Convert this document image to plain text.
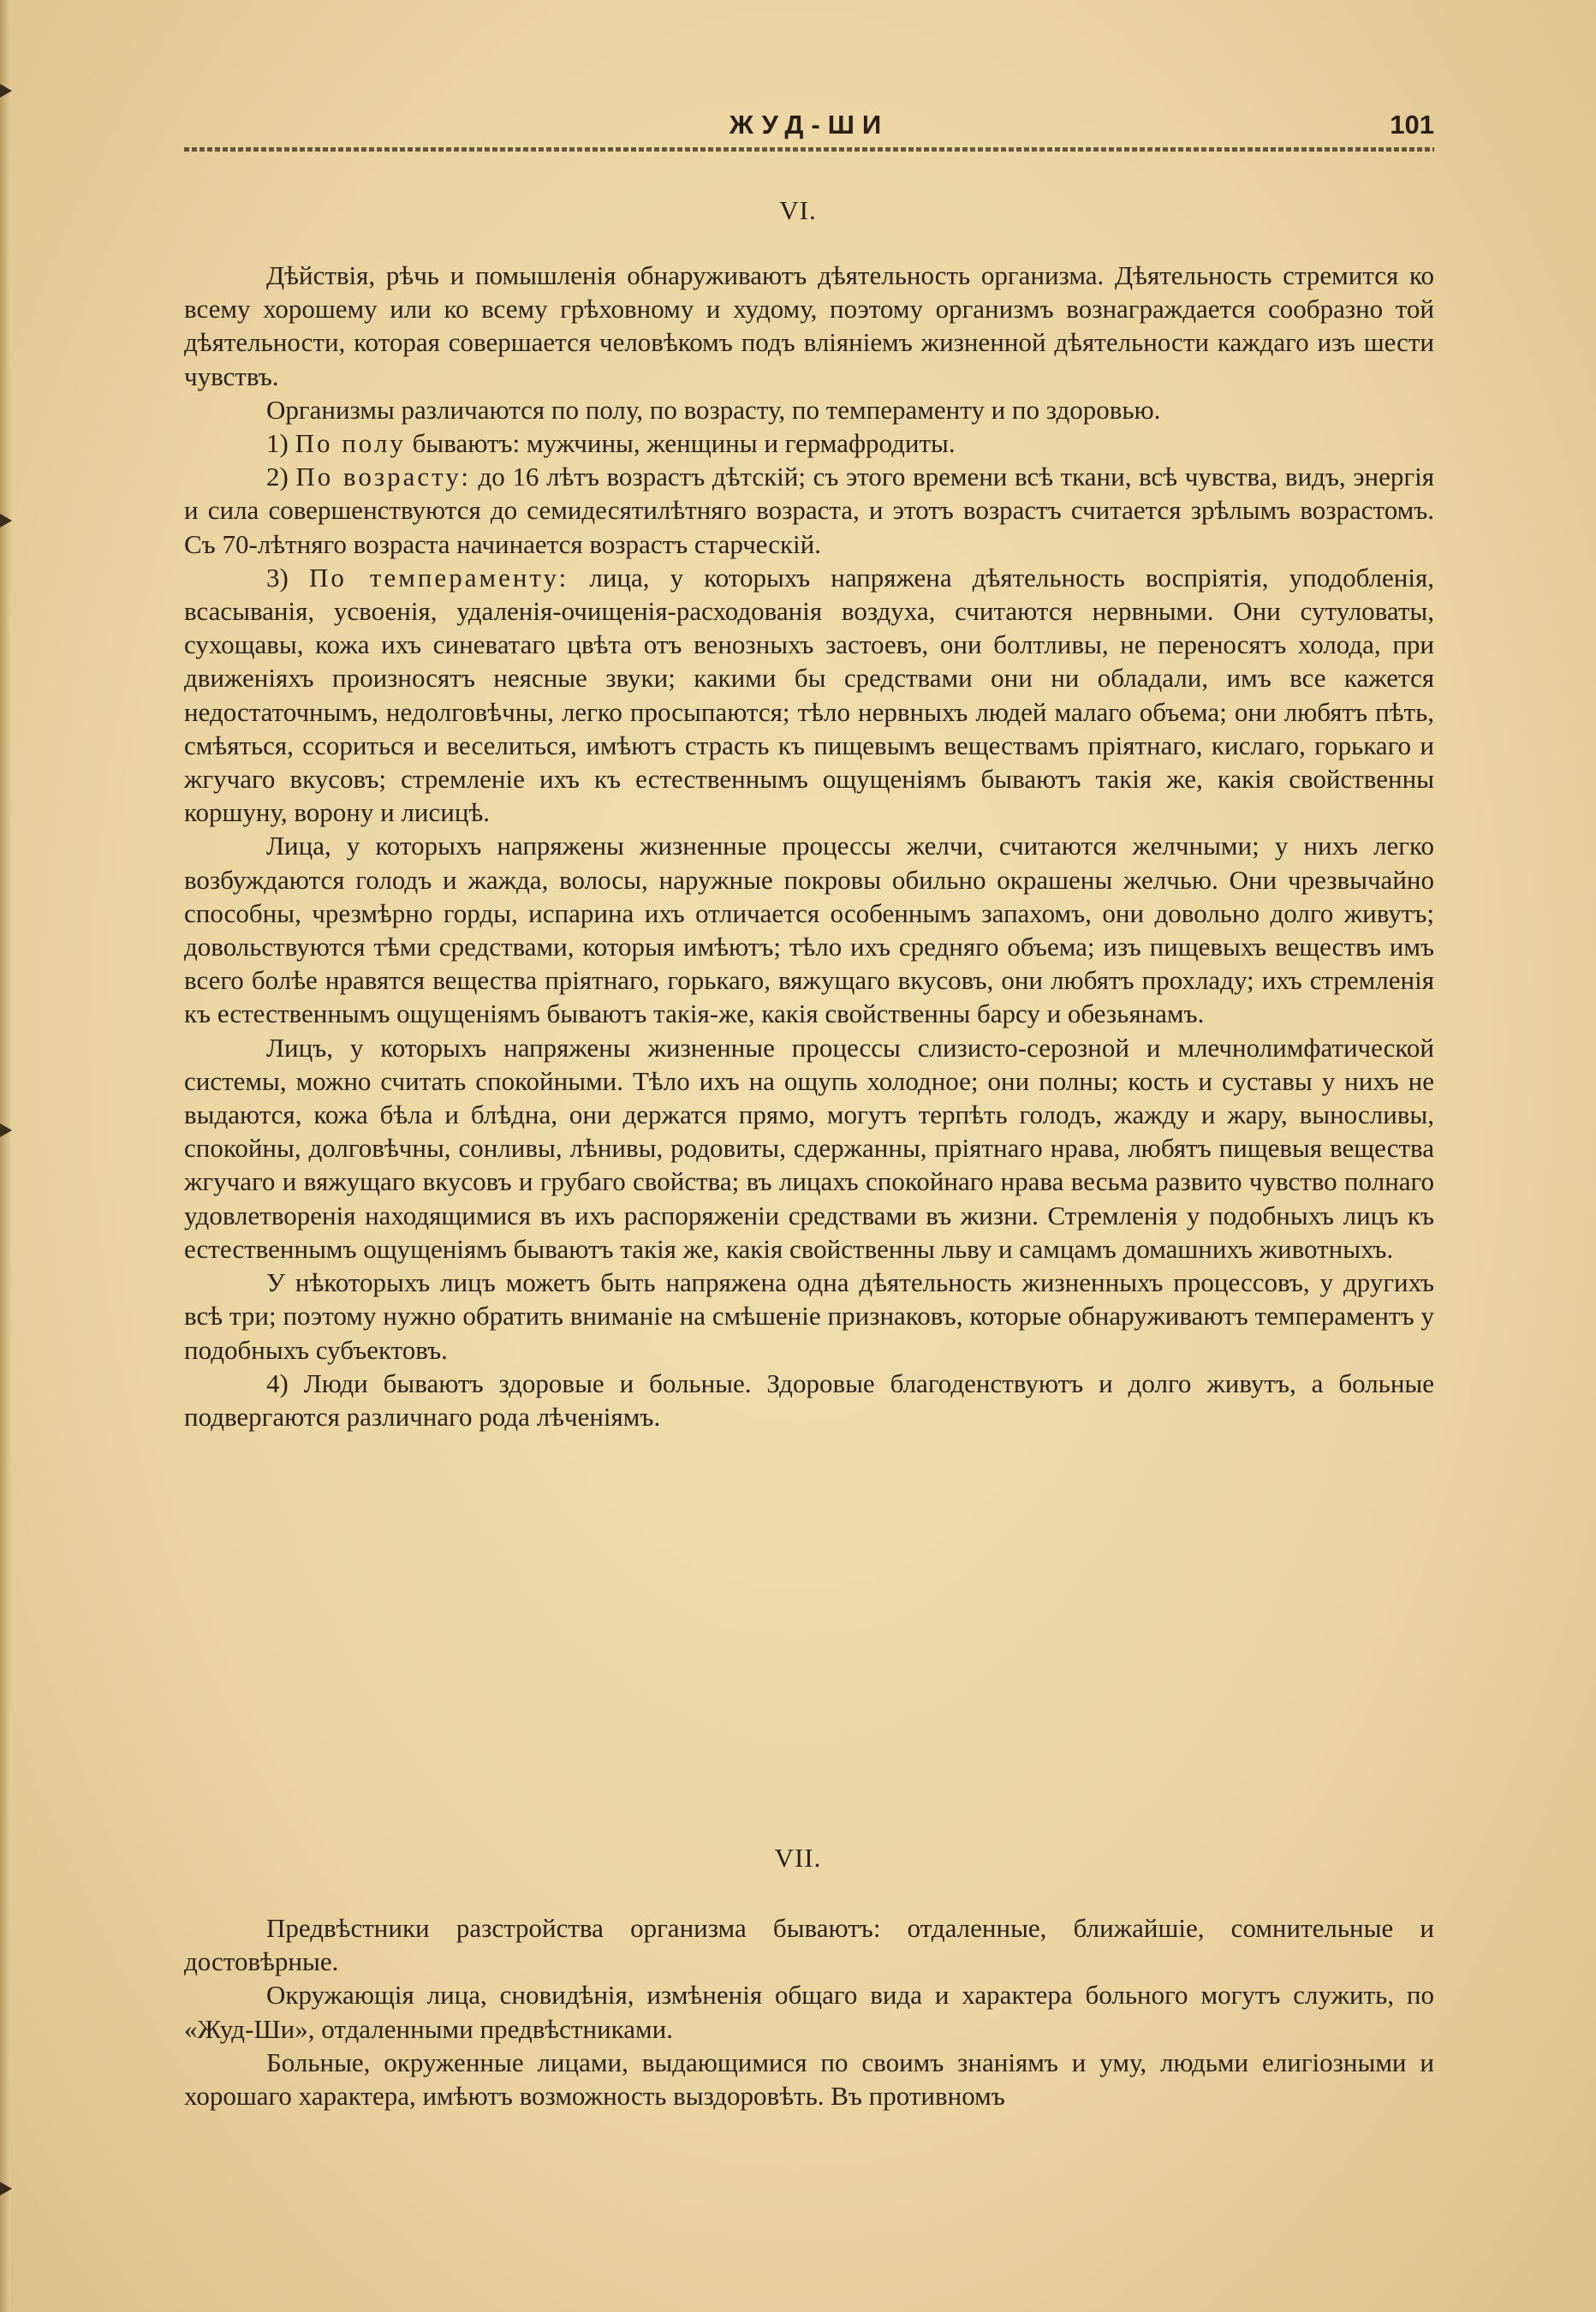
ЖУД-ШИ	101
VI.

Дѣйствія, рѣчь и помышленія обнаруживаютъ дѣятельность организма. Дѣятельность стремится ко всему хорошему или ко всему грѣховному и худому, поэтому организмъ вознаграждается сообразно той дѣятельности, которая совершается человѣкомъ подъ вліяніемъ жизненной дѣятельности каждаго изъ шести чувствъ.

Организмы различаются по полу, по возрасту, по темпераменту и по здоровью.

1) По полу бываютъ: мужчины, женщины и гермафродиты.

2) По возрасту: до 16 лѣтъ возрастъ дѣтскій; съ этого времени всѣ ткани, всѣ чувства, видъ, энергія и сила совершенствуются до семидесятилѣтняго возраста, и этотъ возрастъ считается зрѣлымъ возрастомъ. Съ 70-лѣтняго возраста начинается возрастъ старческій.

3) По темпераменту: лица, у которыхъ напряжена дѣятельность воспріятія, уподобленія, всасыванія, усвоенія, удаленія-очищенія-расходованія воздуха, считаются нервными. Они сутуловаты, сухощавы, кожа ихъ синеватаго цвѣта отъ венозныхъ застоевъ, они болтливы, не переносятъ холода, при движеніяхъ произносятъ неясные звуки; какими бы средствами они ни обладали, имъ все кажется недостаточнымъ, недолговѣчны, легко просыпаются; тѣло нервныхъ людей малаго объема; они любятъ пѣть, смѣяться, ссориться и веселиться, имѣютъ страсть къ пищевымъ веществамъ пріятнаго, кислаго, горькаго и жгучаго вкусовъ; стремленіе ихъ къ естественнымъ ощущеніямъ бываютъ такія же, какія свойственны коршуну, ворону и лисицѣ.

Лица, у которыхъ напряжены жизненные процессы желчи, считаются желчными; у нихъ легко возбуждаются голодъ и жажда, волосы, наружные покровы обильно окрашены желчью. Они чрезвычайно способны, чрезмѣрно горды, испарина ихъ отличается особеннымъ запахомъ, они довольно долго живутъ; довольствуются тѣми средствами, которыя имѣютъ; тѣло ихъ средняго объема; изъ пищевыхъ веществъ имъ всего болѣе нравятся вещества пріятнаго, горькаго, вяжущаго вкусовъ, они любятъ прохладу; ихъ стремленія къ естественнымъ ощущеніямъ бываютъ такія-же, какія свойственны барсу и обезьянамъ.

Лицъ, у которыхъ напряжены жизненные процессы слизисто-серозной и млечнолимфатической системы, можно считать спокойными. Тѣло ихъ на ощупь холодное; они полны; кость и суставы у нихъ не выдаются, кожа бѣла и блѣдна, они держатся прямо, могутъ терпѣть голодъ, жажду и жару, выносливы, спокойны, долговѣчны, сонливы, лѣнивы, родовиты, сдержанны, пріятнаго нрава, любятъ пищевыя вещества жгучаго и вяжущаго вкусовъ и грубаго свойства; въ лицахъ спокойнаго нрава весьма развито чувство полнаго удовлетворенія находящимися въ ихъ распоряженіи средствами въ жизни. Стремленія у подобныхъ лицъ къ естественнымъ ощущеніямъ бываютъ такія же, какія свойственны льву и самцамъ домашнихъ животныхъ.

У нѣкоторыхъ лицъ можетъ быть напряжена одна дѣятельность жизненныхъ процессовъ, у другихъ всѣ три; поэтому нужно обратить вниманіе на смѣшеніе признаковъ, которые обнаруживаютъ темпераментъ у подобныхъ субъектовъ.

4) Люди бываютъ здоровые и больные. Здоровые благоденствуютъ и долго живутъ, а больные подвергаются различнаго рода лѣченіямъ.

VII.

Предвѣстники разстройства организма бываютъ: отдаленные, ближайшіе, сомнительные и достовѣрные.

Окружающія лица, сновидѣнія, измѣненія общаго вида и характера больного могутъ служить, по «Жуд-Ши», отдаленными предвѣстниками.

Больные, окруженные лицами, выдающимися по своимъ знаніямъ и уму, людьми елигіозными и хорошаго характера, имѣютъ возможность выздоровѣть. Въ противномъ
